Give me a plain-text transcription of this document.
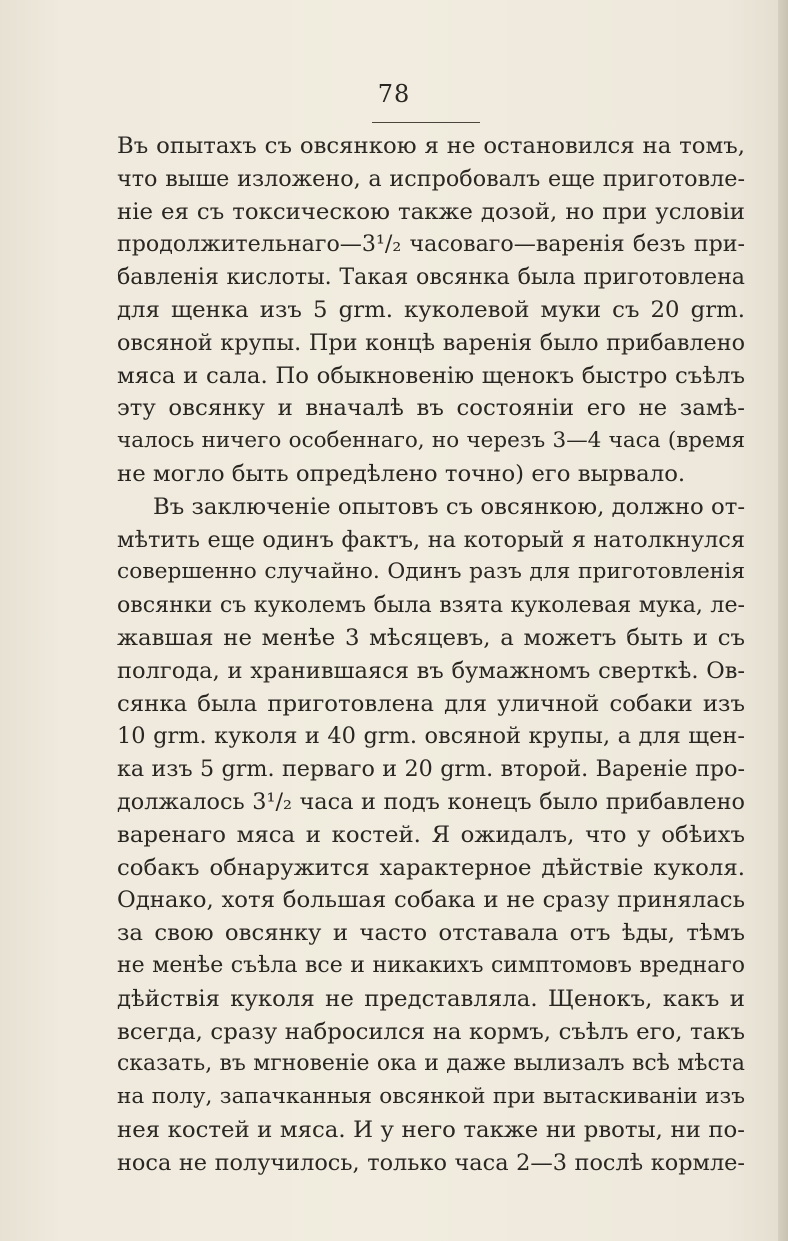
78
Въ опытахъ съ овсянкою я не остановился на томъ,
что выше изложено, а испробовалъ еще приготовле-
ніе ея съ токсическою также дозой, но при условіи
продолжительнаго—3¹/₂ часоваго—варенія безъ при-
бавленія кислоты. Такая овсянка была приготовлена
для щенка изъ 5 grm. куколевой муки съ 20 grm.
овсяной крупы. При концѣ варенія было прибавлено
мяса и сала. По обыкновенію щенокъ быстро съѣлъ
эту овсянку и вначалѣ въ состояніи его не замѣ-
чалось ничего особеннаго, но черезъ 3—4 часа (время
не могло быть опредѣлено точно) его вырвало.
Въ заключеніе опытовъ съ овсянкою, должно от-
мѣтить еще одинъ фактъ, на который я натолкнулся
совершенно случайно. Одинъ разъ для приготовленія
овсянки съ куколемъ была взята куколевая мука, ле-
жавшая не менѣе 3 мѣсяцевъ, а можетъ быть и съ
полгода, и хранившаяся въ бумажномъ сверткѣ. Ов-
сянка была приготовлена для уличной собаки изъ
10 grm. куколя и 40 grm. овсяной крупы, а для щен-
ка изъ 5 grm. перваго и 20 grm. второй. Вареніе про-
должалось 3¹/₂ часа и подъ конецъ было прибавлено
варенаго мяса и костей. Я ожидалъ, что у обѣихъ
собакъ обнаружится характерное дѣйствіе куколя.
Однако, хотя большая собака и не сразу принялась
за свою овсянку и часто отставала отъ ѣды, тѣмъ
не менѣе съѣла все и никакихъ симптомовъ вреднаго
дѣйствія куколя не представляла. Щенокъ, какъ и
всегда, сразу набросился на кормъ, съѣлъ его, такъ
сказать, въ мгновеніе ока и даже вылизалъ всѣ мѣста
на полу, запачканныя овсянкой при вытаскиваніи изъ
нея костей и мяса. И у него также ни рвоты, ни по-
носа не получилось, только часа 2—3 послѣ кормле-
